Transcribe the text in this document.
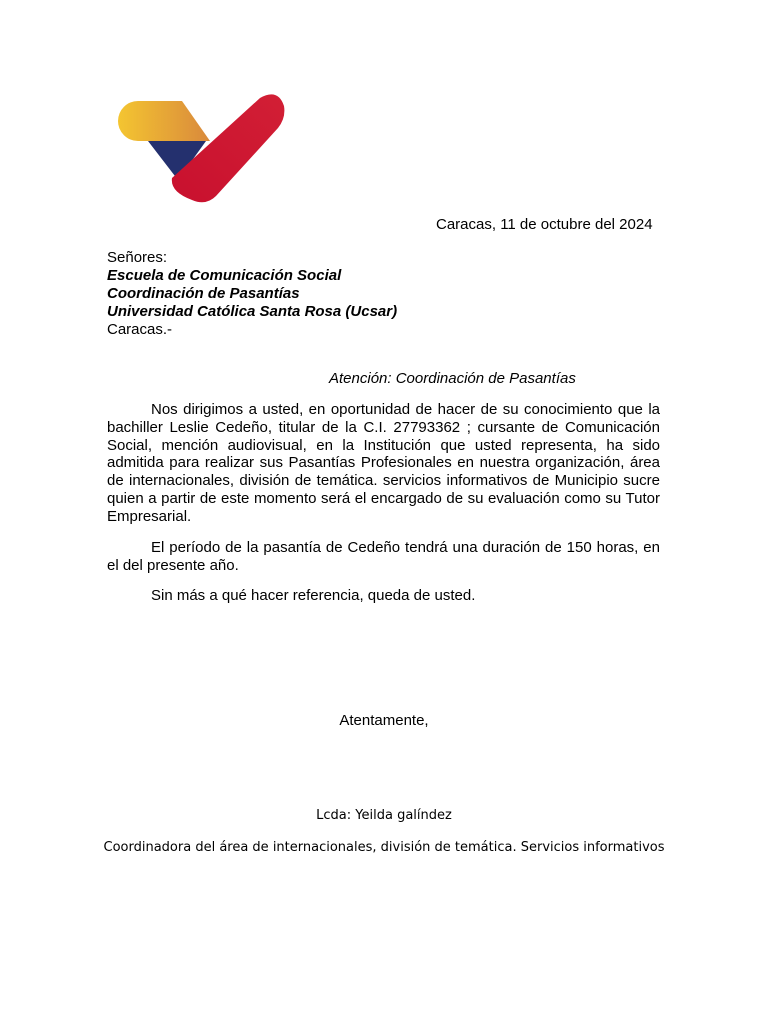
Caracas, 11 de octubre del 2024
Señores:
Escuela de Comunicación Social
Coordinación de Pasantías
Universidad Católica Santa Rosa (Ucsar)
Caracas.-
Atención: Coordinación de Pasantías
Nos dirigimos a usted, en oportunidad de hacer de su conocimiento que la bachiller Leslie Cedeño, titular de la C.I. 27793362 ; cursante de Comunicación Social, mención audiovisual, en la Institución que usted representa, ha sido admitida para realizar sus Pasantías Profesionales en nuestra organización, área de internacionales, división de temática. servicios informativos de Municipio sucre quien a partir de este momento será el encargado de su evaluación como su Tutor Empresarial.
El período de la pasantía de Cedeño tendrá una duración de 150 horas, en el del presente año.
Sin más a qué hacer referencia, queda de usted.
Atentamente,
Lcda: Yeilda galíndez
Coordinadora del área de internacionales, división de temática. Servicios informativos
